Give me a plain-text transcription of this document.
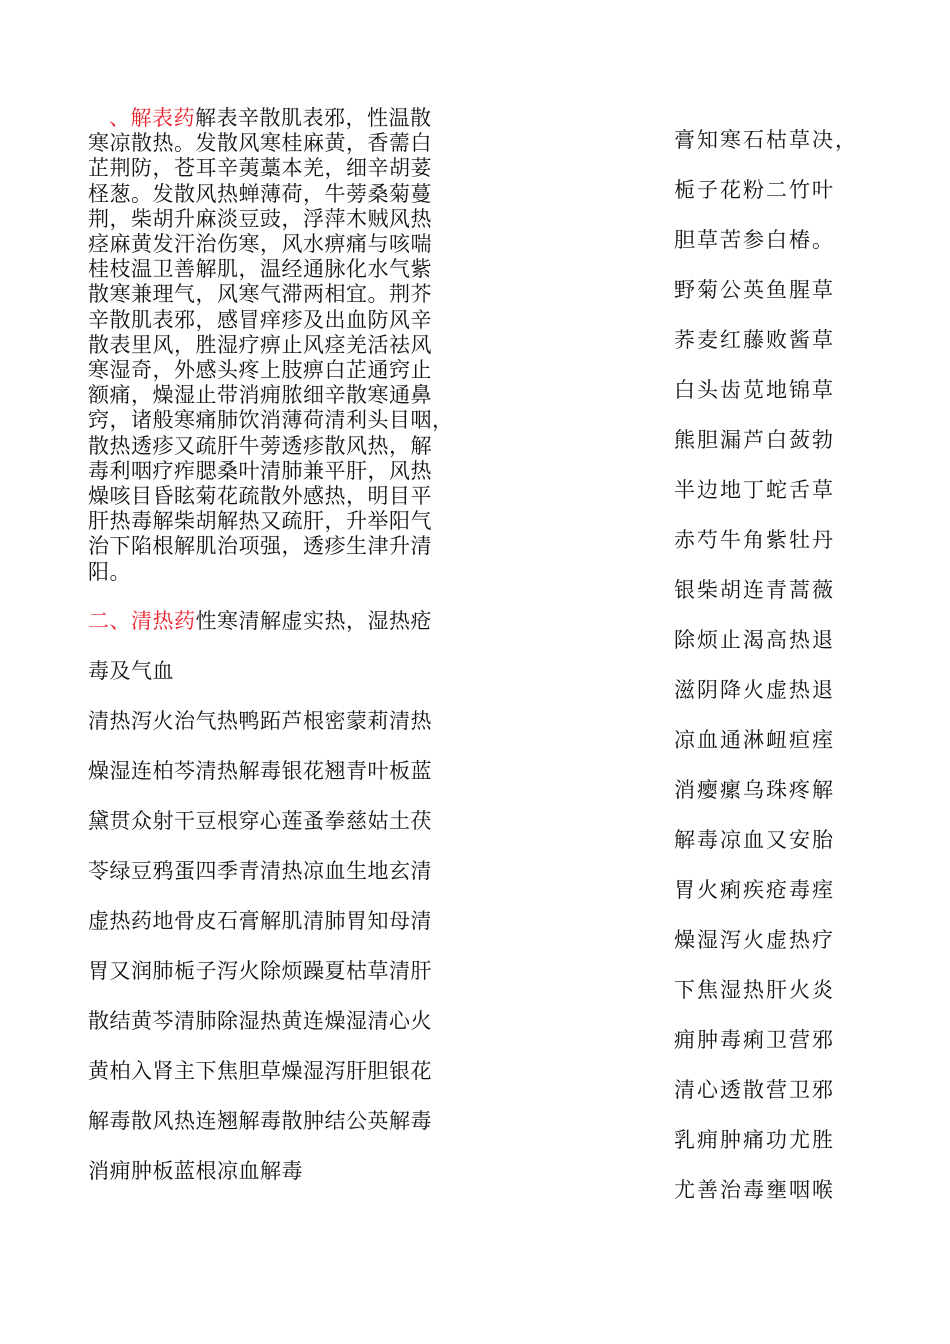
、解表药解表辛散肌表邪，性温散
寒凉散热。发散风寒桂麻黄，香薷白
芷荆防，苍耳辛荑藁本羌，细辛胡荽
柽葱。发散风热蝉薄荷，牛蒡桑菊蔓
荆，柴胡升麻淡豆豉，浮萍木贼风热
痉麻黄发汗治伤寒，风水痹痛与咳喘
桂枝温卫善解肌，温经通脉化水气紫
散寒兼理气，风寒气滞两相宜。荆芥
辛散肌表邪，感冒痒疹及出血防风辛
散表里风，胜湿疗痹止风痉羌活祛风
寒湿奇，外感头疼上肢痹白芷通窍止
额痛，燥湿止带消痈脓细辛散寒通鼻
窍，诸般寒痛肺饮消薄荷清利头目咽，
散热透疹又疏肝牛蒡透疹散风热，解
毒利咽疗痄腮桑叶清肺兼平肝，风热
燥咳目昏眩菊花疏散外感热，明目平
肝热毒解柴胡解热又疏肝，升举阳气
治下陷根解肌治项强，透疹生津升清
阳。
二、清热药性寒清解虚实热，湿热疮
毒及气血
清热泻火治气热鸭跖芦根密蒙莉清热
燥湿连柏芩清热解毒银花翘青叶板蓝
黛贯众射干豆根穿心莲蚤拳慈姑土茯
苓绿豆鸦蛋四季青清热凉血生地玄清
虚热药地骨皮石膏解肌清肺胃知母清
胃又润肺栀子泻火除烦躁夏枯草清肝
散结黄芩清肺除湿热黄连燥湿清心火
黄柏入肾主下焦胆草燥湿泻肝胆银花
解毒散风热连翘解毒散肿结公英解毒
消痈肿板蓝根凉血解毒
膏知寒石枯草决，
栀子花粉二竹叶
胆草苦参白椿。
野菊公英鱼腥草
荞麦红藤败酱草
白头齿苋地锦草
熊胆漏芦白蔹勃
半边地丁蛇舌草
赤芍牛角紫牡丹
银柴胡连青蒿薇
除烦止渴高热退
滋阴降火虚热退
凉血通淋衄疸痓
消瘿瘰乌珠疼解
解毒凉血又安胎
胃火痢疾疮毒痓
燥湿泻火虚热疗
下焦湿热肝火炎
痈肿毒痢卫营邪
清心透散营卫邪
乳痈肿痛功尤胜
尤善治毒壅咽喉
